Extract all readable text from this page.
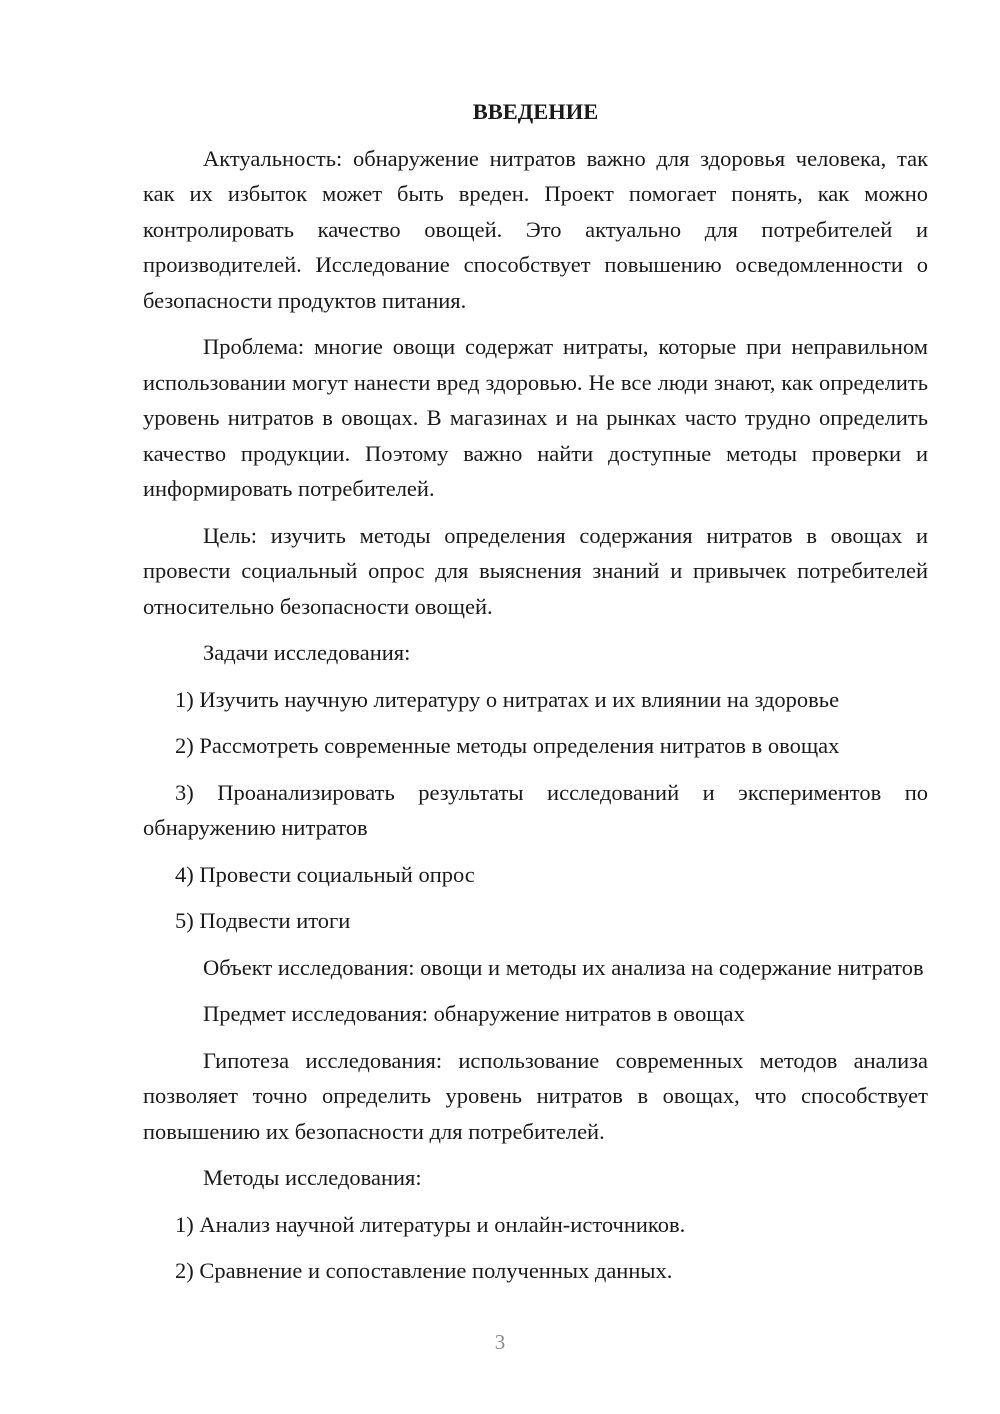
ВВЕДЕНИЕ

Актуальность: обнаружение нитратов важно для здоровья человека, так как их избыток может быть вреден. Проект помогает понять, как можно контролировать качество овощей. Это актуально для потребителей и производителей. Исследование способствует повышению осведомленности о безопасности продуктов питания.

Проблема: многие овощи содержат нитраты, которые при неправильном использовании могут нанести вред здоровью. Не все люди знают, как определить уровень нитратов в овощах. В магазинах и на рынках часто трудно определить качество продукции. Поэтому важно найти доступные методы проверки и информировать потребителей.

Цель: изучить методы определения содержания нитратов в овощах и провести социальный опрос для выяснения знаний и привычек потребителей относительно безопасности овощей.

Задачи исследования:

1) Изучить научную литературу о нитратах и их влиянии на здоровье

2) Рассмотреть современные методы определения нитратов в овощах

3) Проанализировать результаты исследований и экспериментов по обнаружению нитратов

4) Провести социальный опрос

5) Подвести итоги

Объект исследования: овощи и методы их анализа на содержание нитратов

Предмет исследования: обнаружение нитратов в овощах

Гипотеза исследования: использование современных методов анализа позволяет точно определить уровень нитратов в овощах, что способствует повышению их безопасности для потребителей.

Методы исследования:

1) Анализ научной литературы и онлайн-источников.

2) Сравнение и сопоставление полученных данных.

3
